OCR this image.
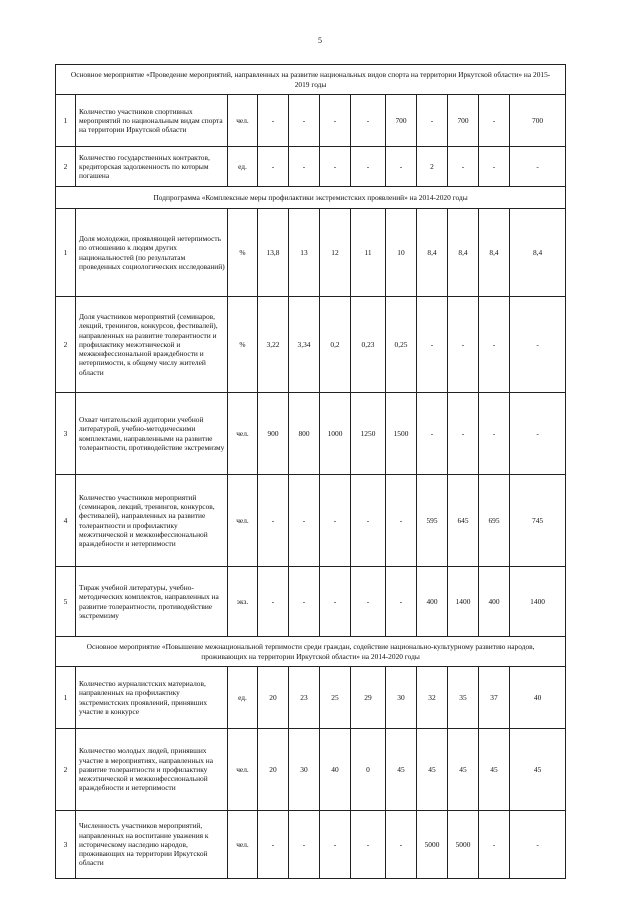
5
Основное мероприятие «Проведение мероприятий, направленных на развитие национальных видов спорта на территории Иркутской области» на 2015-2019 годы												
1	Количество участников спортивных мероприятий по национальным видам спорта на территории Иркутской области	чел.	-	-	-	-	700	-	700	-	700	
2	Количество государственных контрактов, кредиторская задолженность по которым погашена	ед.	-	-	-	-	-	2	-	-	-	
Подпрограмма «Комплексные меры профилактики экстремистских проявлений» на 2014-2020 годы												
1	Доля молодежи, проявляющей нетерпимость по отношению к людям других национальностей (по результатам проведенных социологических исследований)	%	13,8	13	12	11	10	8,4	8,4	8,4	8,4	
2	Доля участников мероприятий (семинаров, лекций, тренингов, конкурсов, фестивалей), направленных на развитие толерантности и профилактику межэтнической и межконфессиональной враждебности и нетерпимости, к общему числу жителей области	%	3,22	3,34	0,2	0,23	0,25	-	-	-	-	
3	Охват читательской аудитории учебной литературой, учебно-методическими комплектами, направленными на развитие толерантности, противодействие экстремизму	чел.	900	800	1000	1250	1500	-	-	-	-	
4	Количество участников мероприятий (семинаров, лекций, тренингов, конкурсов, фестивалей), направленных на развитие толерантности и профилактику межэтнической и межконфессиональной враждебности и нетерпимости	чел.	-	-	-	-	-	595	645	695	745	
5	Тираж учебной литературы, учебно-методических комплектов, направленных на развитие толерантности, противодействие экстремизму	экз.	-	-	-	-	-	400	1400	400	1400	
Основное мероприятие «Повышение межнациональной терпимости среди граждан, содействие национально-культурному развитию народов, проживающих на территории Иркутской области» на 2014-2020 годы												
1	Количество журналистских материалов, направленных на профилактику экстремистских проявлений, принявших участие в конкурсе	ед.	20	23	25	29	30	32	35	37	40	
2	Количество молодых людей, принявших участие в мероприятиях, направленных на развитие толерантности и профилактику межэтнической и межконфессиональной враждебности и нетерпимости	чел.	20	30	40	0	45	45	45	45	45	
3	Численность участников мероприятий, направленных на воспитание уважения к историческому наследию народов, проживающих на территории Иркутской области	чел.	-	-	-	-	-	5000	5000	-	-	
